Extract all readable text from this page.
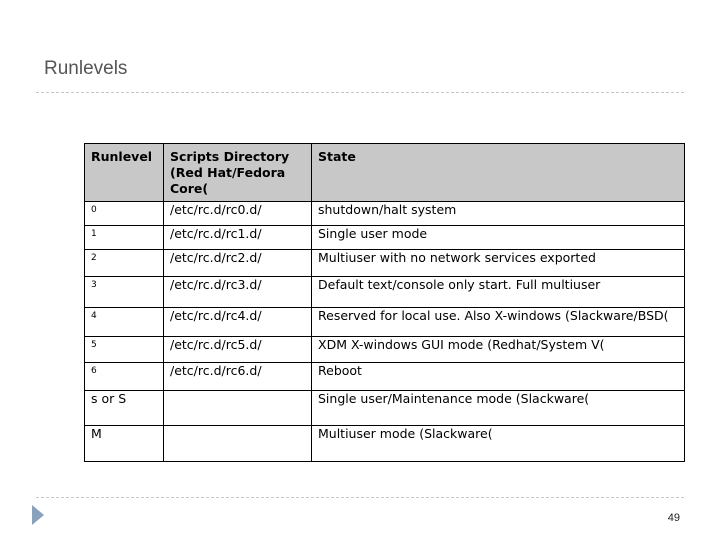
Runlevels
Runlevel	Scripts Directory (Red Hat/Fedora Core(	State
0	/etc/rc.d/rc0.d/	shutdown/halt system
1	/etc/rc.d/rc1.d/	Single user mode
2	/etc/rc.d/rc2.d/	Multiuser with no network services exported
3	/etc/rc.d/rc3.d/	Default text/console only start. Full multiuser
4	/etc/rc.d/rc4.d/	Reserved for local use. Also X-windows (Slackware/BSD(
5	/etc/rc.d/rc5.d/	XDM X-windows GUI mode (Redhat/System V(
6	/etc/rc.d/rc6.d/	Reboot
s or S		Single user/Maintenance mode (Slackware(
M		Multiuser mode (Slackware(
49
